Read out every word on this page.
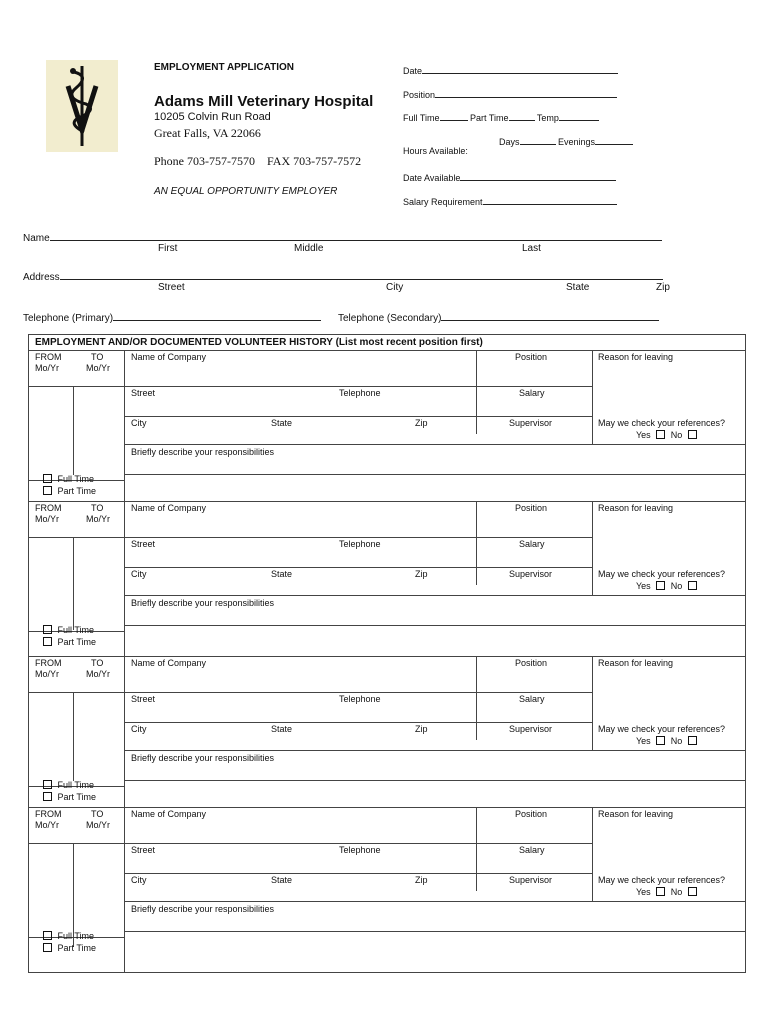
EMPLOYMENT APPLICATION
Adams Mill Veterinary Hospital
10205 Colvin Run Road
Great Falls, VA 22066
Phone 703-757-7570    FAX 703-757-7572
AN EQUAL OPPORTUNITY EMPLOYER
Date
Position
Full Time	Part Time	Temp
Days	Evenings
Hours Available:
Date Available
Salary Requirement
Name
First	Middle	Last
Address
Street	City	State	Zip
Telephone (Primary)	Telephone (Secondary)
EMPLOYMENT AND/OR DOCUMENTED VOLUNTEER HISTORY (List most recent position first)
FROM
Mo/Yr
TO
Mo/Yr
Name of Company	Position	Reason for leaving
Street	Telephone	Salary
City	State	Zip	Supervisor	May we check your references?
Yes No
Briefly describe your responsibilities
Full Time
Part Time
FROM
Mo/Yr
TO
Mo/Yr
Name of Company	Position	Reason for leaving
Street	Telephone	Salary
City	State	Zip	Supervisor	May we check your references?
Yes No
Briefly describe your responsibilities
Full Time
Part Time
FROM
Mo/Yr
TO
Mo/Yr
Name of Company	Position	Reason for leaving
Street	Telephone	Salary
City	State	Zip	Supervisor	May we check your references?
Yes No
Briefly describe your responsibilities
Full Time
Part Time
FROM
Mo/Yr
TO
Mo/Yr
Name of Company	Position	Reason for leaving
Street	Telephone	Salary
City	State	Zip	Supervisor	May we check your references?
Yes No
Briefly describe your responsibilities
Full Time
Part Time
